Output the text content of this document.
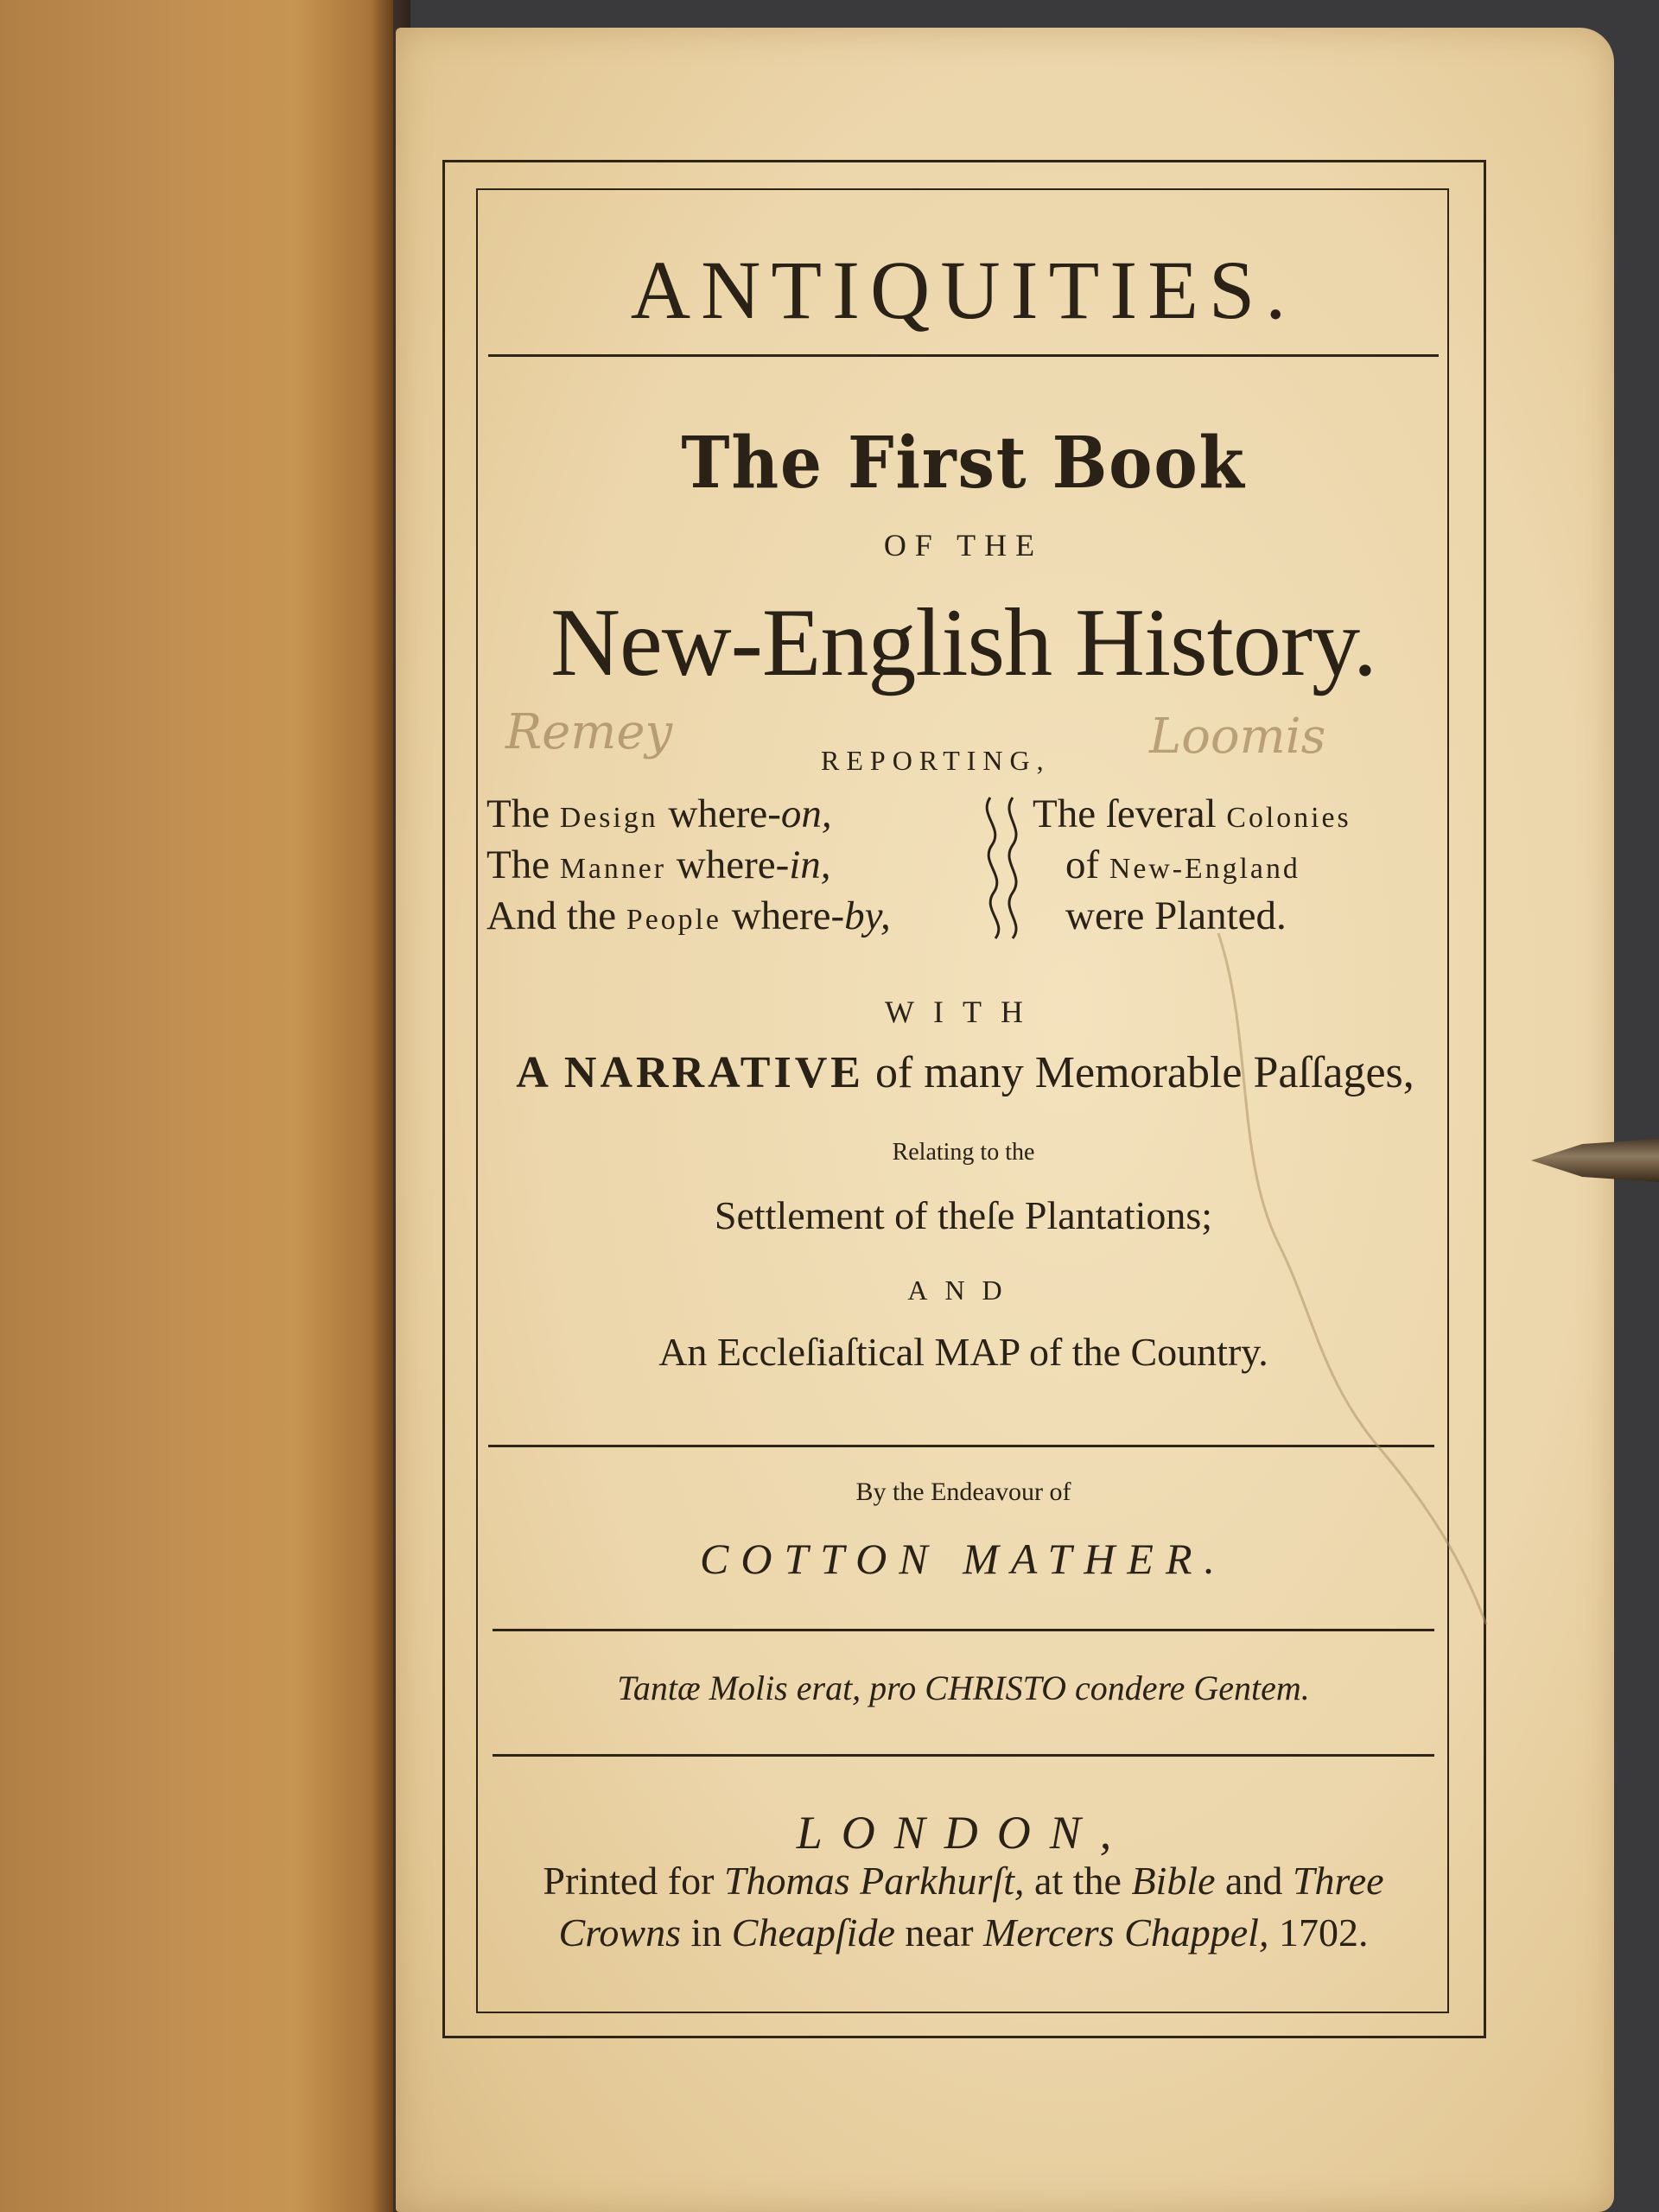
ANTIQUITIES.
The First Book
OF THE
New-English History.
Remey	Loomis
REPORTING,
The Design where-on,
The Manner where-in,
And the People where-by,
The ſeveral Colonies
of New-England
were Planted.
WITH
A NARRATIVE of many Memorable Paſſages,
Relating to the
Settlement of theſe Plantations;
AND
An Eccleſiaſtical MAP of the Country.
By the Endeavour of
COTTON MATHER.
Tantæ Molis erat, pro CHRISTO condere Gentem.
LONDON,
Printed for Thomas Parkhurſt, at the Bible and Three
Crowns in Cheapſide near Mercers Chappel, 1702.
